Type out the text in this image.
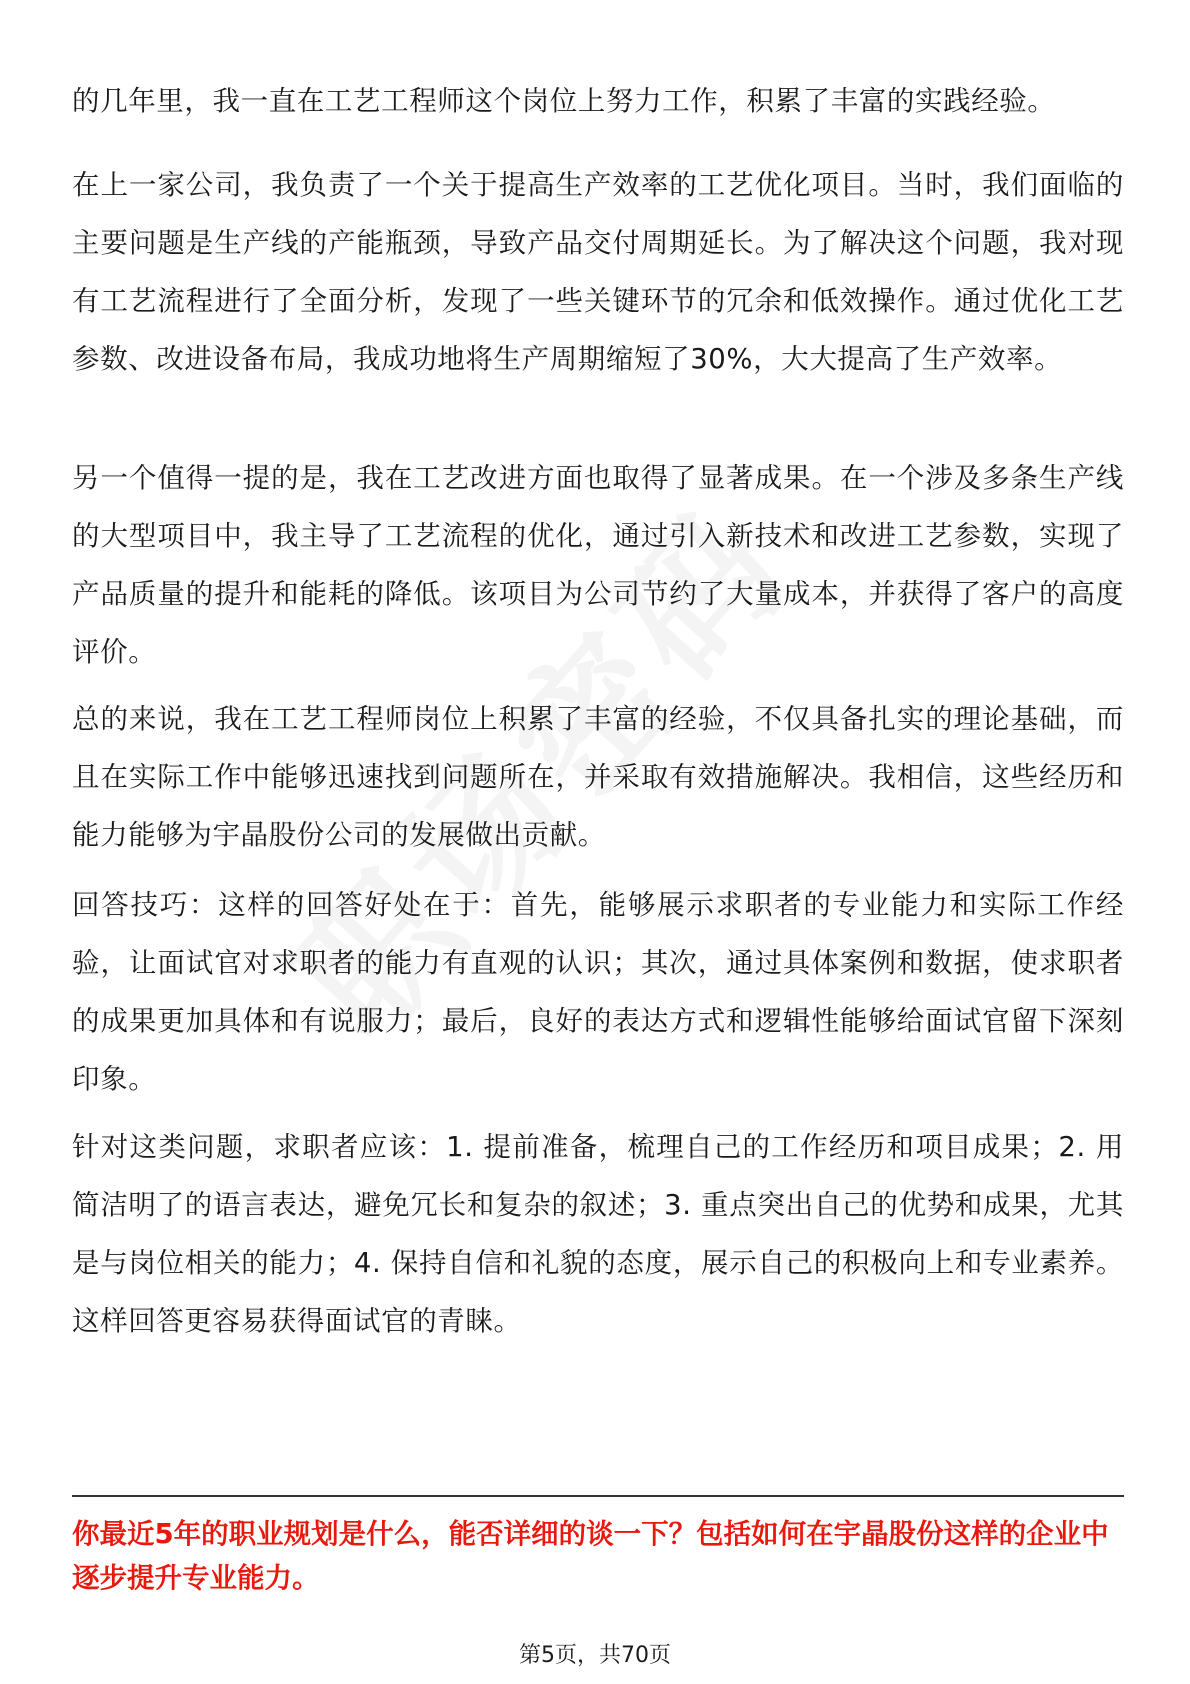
的几年里，我一直在工艺工程师这个岗位上努力工作，积累了丰富的实践经验。

在上一家公司，我负责了一个关于提高生产效率的工艺优化项目。当时，我们面临的主要问题是生产线的产能瓶颈，导致产品交付周期延长。为了解决这个问题，我对现有工艺流程进行了全面分析，发现了一些关键环节的冗余和低效操作。通过优化工艺参数、改进设备布局，我成功地将生产周期缩短了30%，大大提高了生产效率。

另一个值得一提的是，我在工艺改进方面也取得了显著成果。在一个涉及多条生产线的大型项目中，我主导了工艺流程的优化，通过引入新技术和改进工艺参数，实现了产品质量的提升和能耗的降低。该项目为公司节约了大量成本，并获得了客户的高度评价。

总的来说，我在工艺工程师岗位上积累了丰富的经验，不仅具备扎实的理论基础，而且在实际工作中能够迅速找到问题所在，并采取有效措施解决。我相信，这些经历和能力能够为宇晶股份公司的发展做出贡献。

回答技巧：这样的回答好处在于：首先，能够展示求职者的专业能力和实际工作经验，让面试官对求职者的能力有直观的认识；其次，通过具体案例和数据，使求职者的成果更加具体和有说服力；最后，良好的表达方式和逻辑性能够给面试官留下深刻印象。

针对这类问题，求职者应该：1. 提前准备，梳理自己的工作经历和项目成果；2. 用简洁明了的语言表达，避免冗长和复杂的叙述；3. 重点突出自己的优势和成果，尤其是与岗位相关的能力；4. 保持自信和礼貌的态度，展示自己的积极向上和专业素养。这样回答更容易获得面试官的青睐。

你最近5年的职业规划是什么，能否详细的谈一下？包括如何在宇晶股份这样的企业中逐步提升专业能力。

第5页，共70页
